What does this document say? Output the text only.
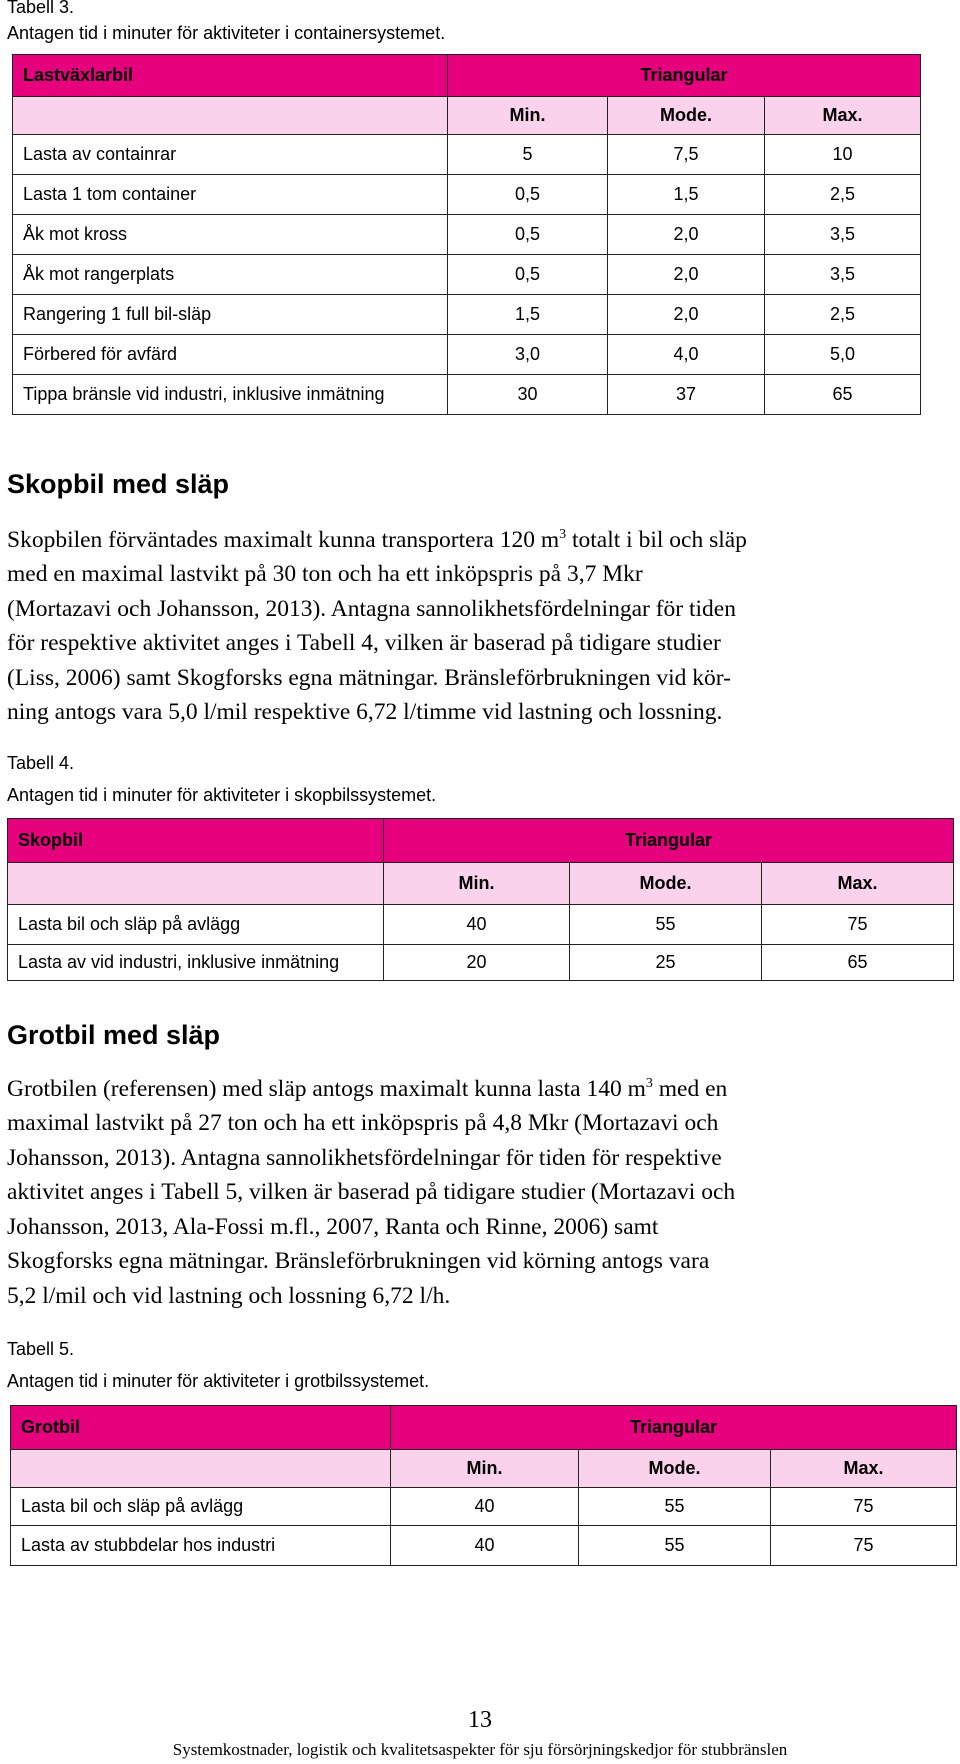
Tabell 3.
Antagen tid i minuter för aktiviteter i containersystemet.
Lastväxlarbil	Triangular		
	Min.	Mode.	Max.
Lasta av containrar	5	7,5	10
Lasta 1 tom container	0,5	1,5	2,5
Åk mot kross	0,5	2,0	3,5
Åk mot rangerplats	0,5	2,0	3,5
Rangering 1 full bil-släp	1,5	2,0	2,5
Förbered för avfärd	3,0	4,0	5,0
Tippa bränsle vid industri, inklusive inmätning	30	37	65
Skopbil med släp
Skopbilen förväntades maximalt kunna transportera 120 $m^3$ totalt i bil och släp
med en maximal lastvikt på 30 ton och ha ett inköpspris på 3,7 Mkr
(Mortazavi och Johansson, 2013). Antagna sannolikhetsfördelningar för tiden
för respektive aktivitet anges i Tabell 4, vilken är baserad på tidigare studier
(Liss, 2006) samt Skogforsks egna mätningar. Bränsleförbrukningen vid kör-
ning antogs vara 5,0 l/mil respektive 6,72 l/timme vid lastning och lossning.
Tabell 4.
Antagen tid i minuter för aktiviteter i skopbilssystemet.
Skopbil	Triangular		
	Min.	Mode.	Max.
Lasta bil och släp på avlägg	40	55	75
Lasta av vid industri, inklusive inmätning	20	25	65
Grotbil med släp
Grotbilen (referensen) med släp antogs maximalt kunna lasta 140 $m^3$ med en
maximal lastvikt på 27 ton och ha ett inköpspris på 4,8 Mkr (Mortazavi och
Johansson, 2013). Antagna sannolikhetsfördelningar för tiden för respektive
aktivitet anges i Tabell 5, vilken är baserad på tidigare studier (Mortazavi och
Johansson, 2013, Ala-Fossi m.fl., 2007, Ranta och Rinne, 2006) samt
Skogforsks egna mätningar. Bränsleförbrukningen vid körning antogs vara
5,2 l/mil och vid lastning och lossning 6,72 l/h.
Tabell 5.
Antagen tid i minuter för aktiviteter i grotbilssystemet.
Grotbil	Triangular		
	Min.	Mode.	Max.
Lasta bil och släp på avlägg	40	55	75
Lasta av stubbdelar hos industri	40	55	75
13
Systemkostnader, logistik och kvalitetsaspekter för sju försörjningskedjor för stubbränslen
